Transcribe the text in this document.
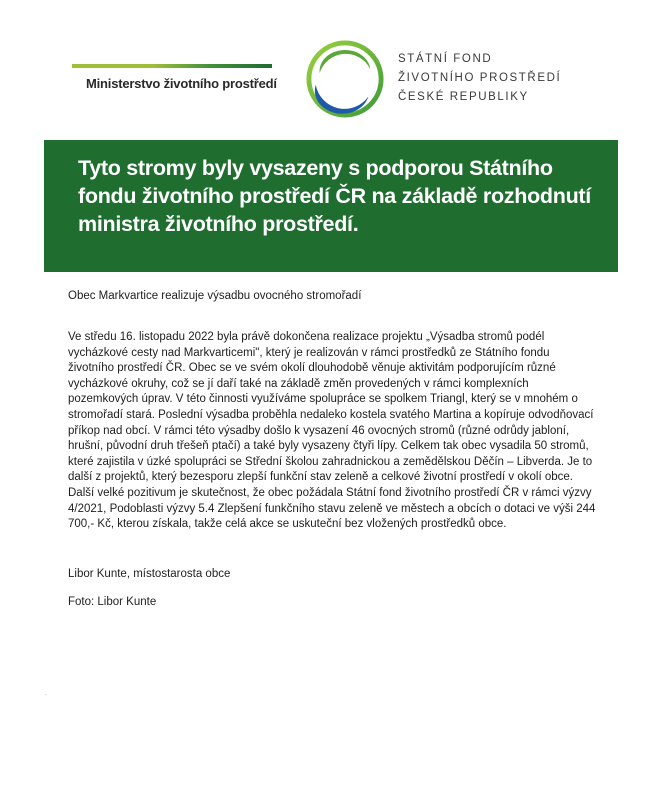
Ministerstvo životního prostředí
STÁTNÍ FOND
ŽIVOTNÍHO PROSTŘEDÍ
ČESKÉ REPUBLIKY

Tyto stromy byly vysazeny s podporou Státního fondu životního prostředí ČR na základě rozhodnutí ministra životního prostředí.

Obec Markvartice realizuje výsadbu ovocného stromořadí

Ve středu 16. listopadu 2022 byla právě dokončena realizace projektu „Výsadba stromů podél vycházkové cesty nad Markvarticemi", který je realizován v rámci prostředků ze Státního fondu životního prostředí ČR. Obec se ve svém okolí dlouhodobě věnuje aktivitám podporujícím různé vycházkové okruhy, což se jí daří také na základě změn provedených v rámci komplexních pozemkových úprav. V této činnosti využíváme spolupráce se spolkem Triangl, který se v mnohém o stromořadí stará. Poslední výsadba proběhla nedaleko kostela svatého Martina a kopíruje odvodňovací příkop nad obcí. V rámci této výsadby došlo k vysazení 46 ovocných stromů (různé odrůdy jabloní, hrušní, původní druh třešeň ptačí) a také byly vysazeny čtyři lípy. Celkem tak obec vysadila 50 stromů, které zajistila v úzké spolupráci se Střední školou zahradnickou a zemědělskou Děčín – Libverda. Je to další z projektů, který bezesporu zlepší funkční stav zeleně a celkové životní prostředí v okolí obce. Další velké pozitivum je skutečnost, že obec požádala Státní fond životního prostředí ČR v rámci výzvy 4/2021, Podoblasti výzvy 5.4 Zlepšení funkčního stavu zeleně ve městech a obcích o dotaci ve výši 244 700,- Kč, kterou získala, takže celá akce se uskuteční bez vložených prostředků obce.

Libor Kunte, místostarosta obce
Foto: Libor Kunte
·
